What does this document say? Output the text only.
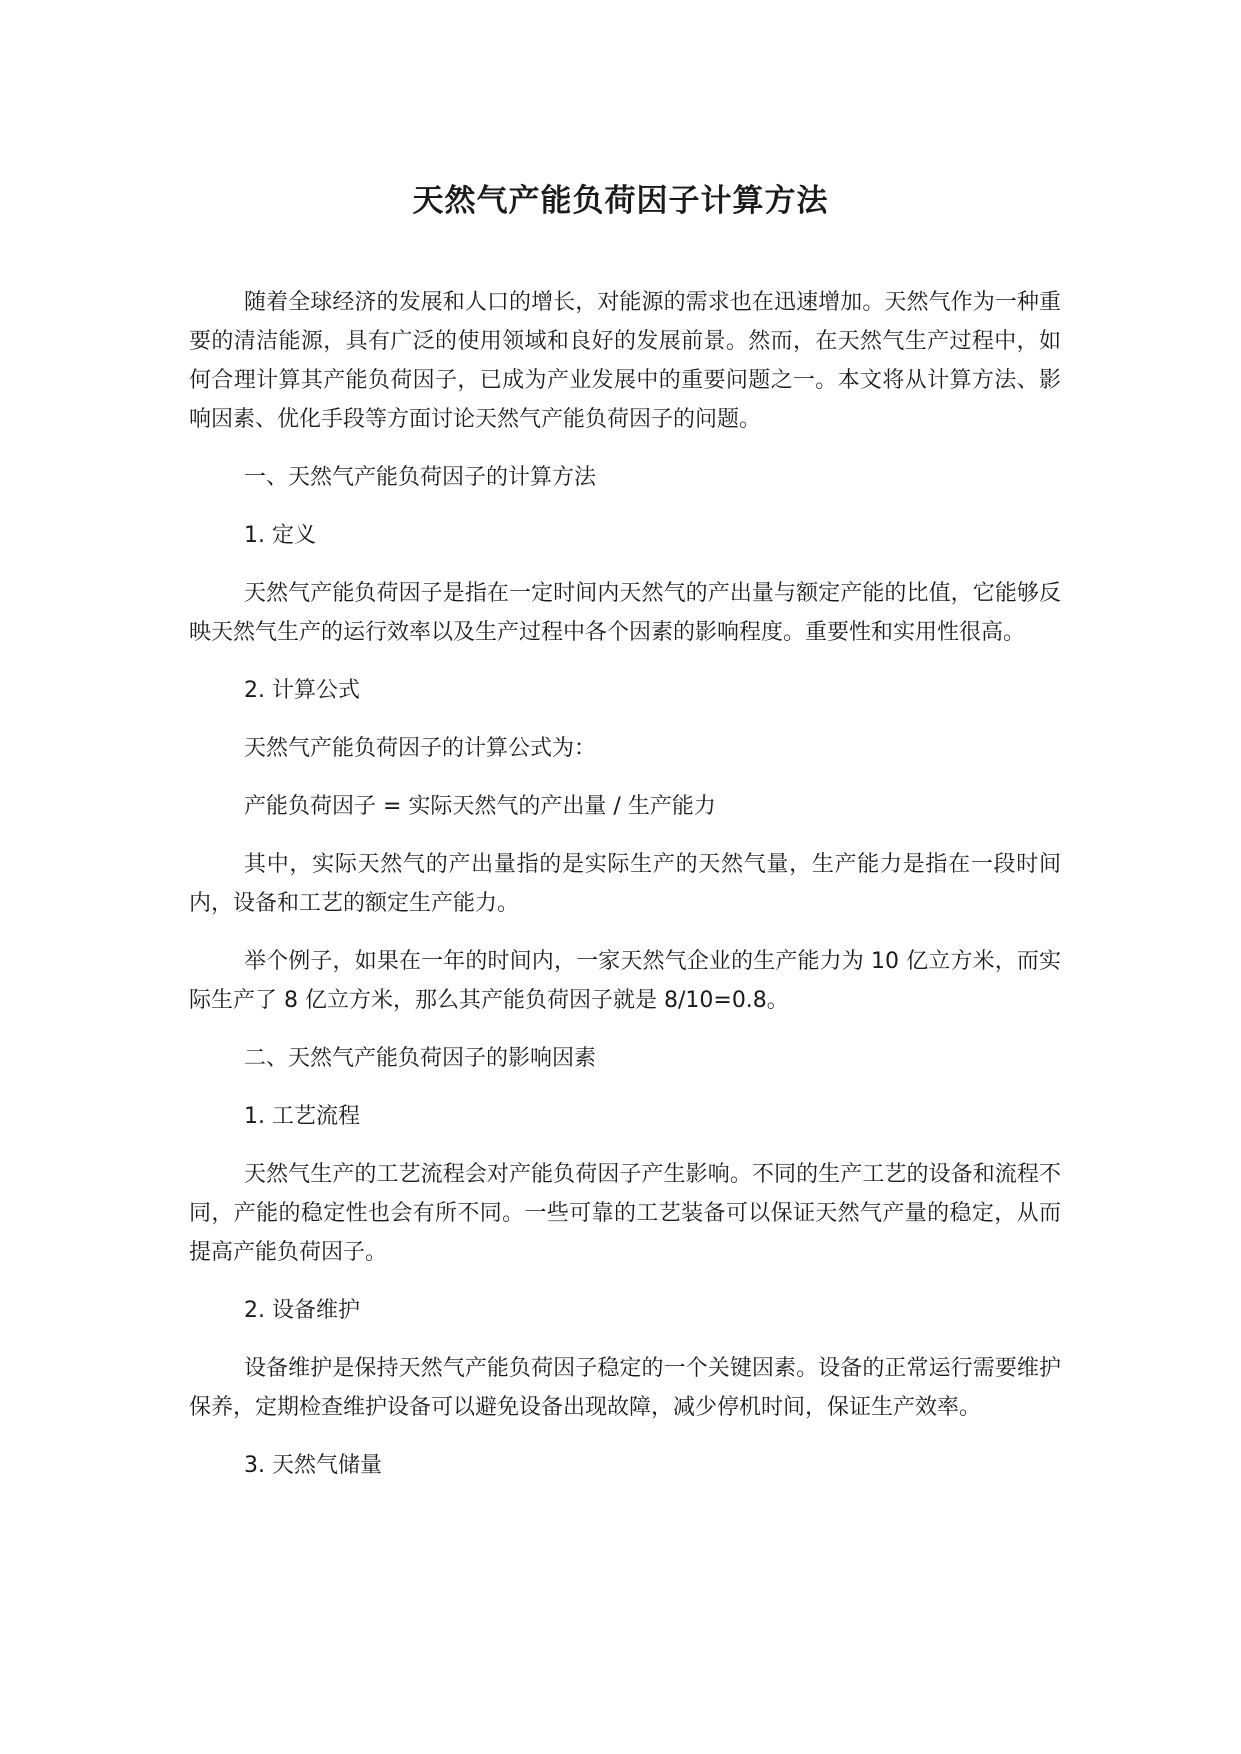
天然气产能负荷因子计算方法

随着全球经济的发展和人口的增长，对能源的需求也在迅速增加。天然气作为一种重要的清洁能源，具有广泛的使用领域和良好的发展前景。然而，在天然气生产过程中，如何合理计算其产能负荷因子，已成为产业发展中的重要问题之一。本文将从计算方法、影响因素、优化手段等方面讨论天然气产能负荷因子的问题。

一、天然气产能负荷因子的计算方法

1. 定义

天然气产能负荷因子是指在一定时间内天然气的产出量与额定产能的比值，它能够反映天然气生产的运行效率以及生产过程中各个因素的影响程度。重要性和实用性很高。

2. 计算公式

天然气产能负荷因子的计算公式为：

产能负荷因子 = 实际天然气的产出量 / 生产能力

其中，实际天然气的产出量指的是实际生产的天然气量，生产能力是指在一段时间内，设备和工艺的额定生产能力。

举个例子，如果在一年的时间内，一家天然气企业的生产能力为 10 亿立方米，而实际生产了 8 亿立方米，那么其产能负荷因子就是 8/10=0.8。

二、天然气产能负荷因子的影响因素

1. 工艺流程

天然气生产的工艺流程会对产能负荷因子产生影响。不同的生产工艺的设备和流程不同，产能的稳定性也会有所不同。一些可靠的工艺装备可以保证天然气产量的稳定，从而提高产能负荷因子。

2. 设备维护

设备维护是保持天然气产能负荷因子稳定的一个关键因素。设备的正常运行需要维护保养，定期检查维护设备可以避免设备出现故障，减少停机时间，保证生产效率。

3. 天然气储量
